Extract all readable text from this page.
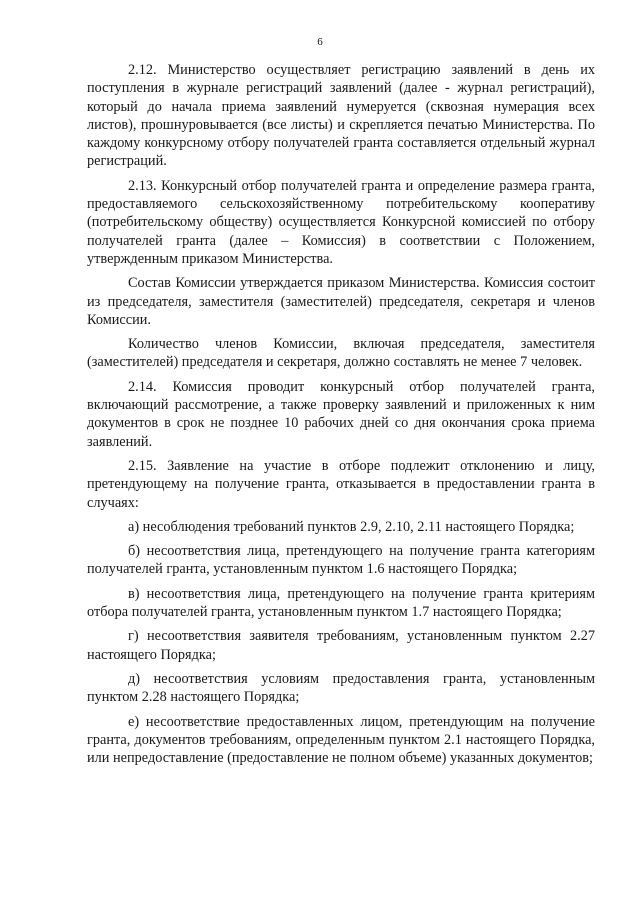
6

2.12. Министерство осуществляет регистрацию заявлений в день их поступления в журнале регистраций заявлений (далее - журнал регистраций), который до начала приема заявлений нумеруется (сквозная нумерация всех листов), прошнуровывается (все листы) и скрепляется печатью Министерства. По каждому конкурсному отбору получателей гранта составляется отдельный журнал регистраций.

2.13. Конкурсный отбор получателей гранта и определение размера гранта, предоставляемого сельскохозяйственному потребительскому кооперативу (потребительскому обществу) осуществляется Конкурсной комиссией по отбору получателей гранта (далее – Комиссия) в соответствии с Положением, утвержденным приказом Министерства.

Состав Комиссии утверждается приказом Министерства. Комиссия состоит из председателя, заместителя (заместителей) председателя, секретаря и членов Комиссии.

Количество членов Комиссии, включая председателя, заместителя (заместителей) председателя и секретаря, должно составлять не менее 7 человек.

2.14. Комиссия проводит конкурсный отбор получателей гранта, включающий рассмотрение, а также проверку заявлений и приложенных к ним документов в срок не позднее 10 рабочих дней со дня окончания срока приема заявлений.

2.15. Заявление на участие в отборе подлежит отклонению и лицу, претендующему на получение гранта, отказывается в предоставлении гранта в случаях:

а) несоблюдения требований пунктов 2.9, 2.10, 2.11 настоящего Порядка;

б) несоответствия лица, претендующего на получение гранта категориям получателей гранта, установленным пунктом 1.6 настоящего Порядка;

в) несоответствия лица, претендующего на получение гранта критериям отбора получателей гранта, установленным пунктом 1.7 настоящего Порядка;

г) несоответствия заявителя требованиям, установленным пунктом 2.27 настоящего Порядка;

д) несоответствия условиям предоставления гранта, установленным пунктом 2.28 настоящего Порядка;

е) несоответствие предоставленных лицом, претендующим на получение гранта, документов требованиям, определенным пунктом 2.1 настоящего Порядка, или непредоставление (предоставление не полном объеме) указанных документов;
